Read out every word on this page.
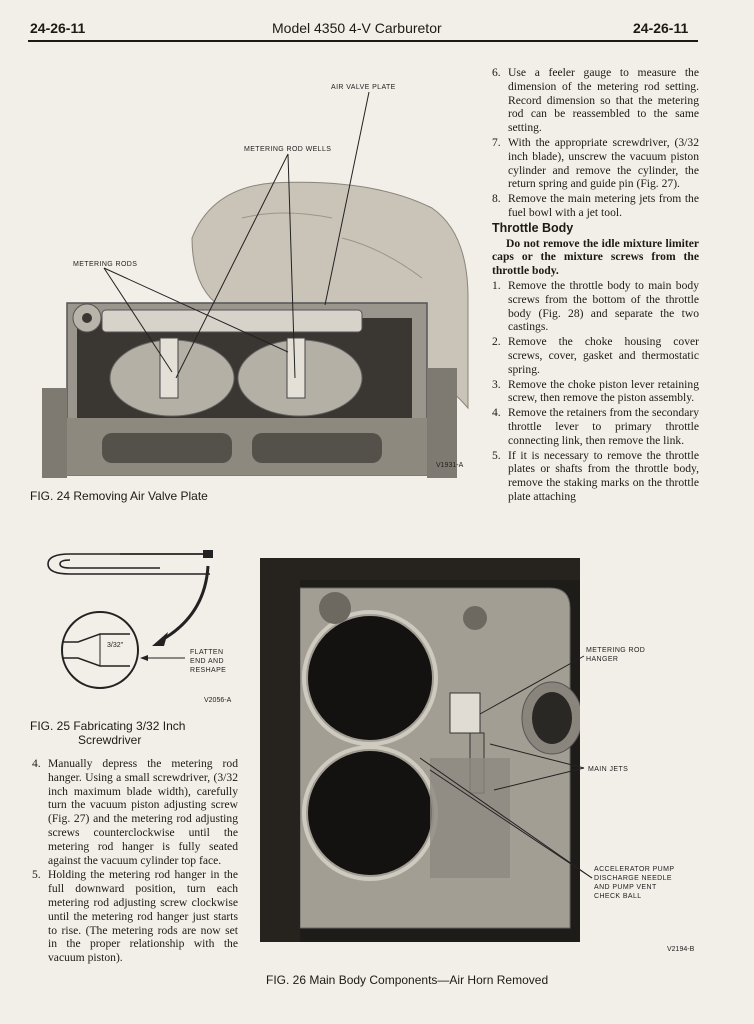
24-26-11	Model 4350 4-V Carburetor	24-26-11
AIR VALVE PLATE
METERING ROD WELLS
METERING RODS
V1931-A
FIG. 24 Removing Air Valve Plate
3/32"
FLATTEN
END AND
RESHAPE
V2056-A
FIG. 25 Fabricating 3/32 Inch
Screwdriver
4. Manually depress the metering rod hanger. Using a small screwdriver, (3/32 inch maximum blade width), carefully turn the vacuum piston adjusting screw (Fig. 27) and the metering rod adjusting screws counterclockwise until the metering rod hanger is fully seated against the vacuum cylinder top face.
5. Holding the metering rod hanger in the full downward position, turn each metering rod adjusting screw clockwise until the metering rod hanger just starts to rise. (The metering rods are now set in the proper relationship with the vacuum piston).
METERING ROD
HANGER
MAIN JETS
ACCELERATOR PUMP
DISCHARGE NEEDLE
AND PUMP VENT
CHECK BALL
V2194-B
FIG. 26 Main Body Components—Air Horn Removed
6. Use a feeler gauge to measure the dimension of the metering rod setting. Record dimension so that the metering rod can be reassembled to the same setting.
7. With the appropriate screwdriver, (3/32 inch blade), unscrew the vacuum piston cylinder and remove the cylinder, the return spring and guide pin (Fig. 27).
8. Remove the main metering jets from the fuel bowl with a jet tool.
Throttle Body
Do not remove the idle mixture limiter caps or the mixture screws from the throttle body.
1. Remove the throttle body to main body screws from the bottom of the throttle body (Fig. 28) and separate the two castings.
2. Remove the choke housing cover screws, cover, gasket and thermostatic spring.
3. Remove the choke piston lever retaining screw, then remove the piston assembly.
4. Remove the retainers from the secondary throttle lever to primary throttle connecting link, then remove the link.
5. If it is necessary to remove the throttle plates or shafts from the throttle body, remove the staking marks on the throttle plate attaching
